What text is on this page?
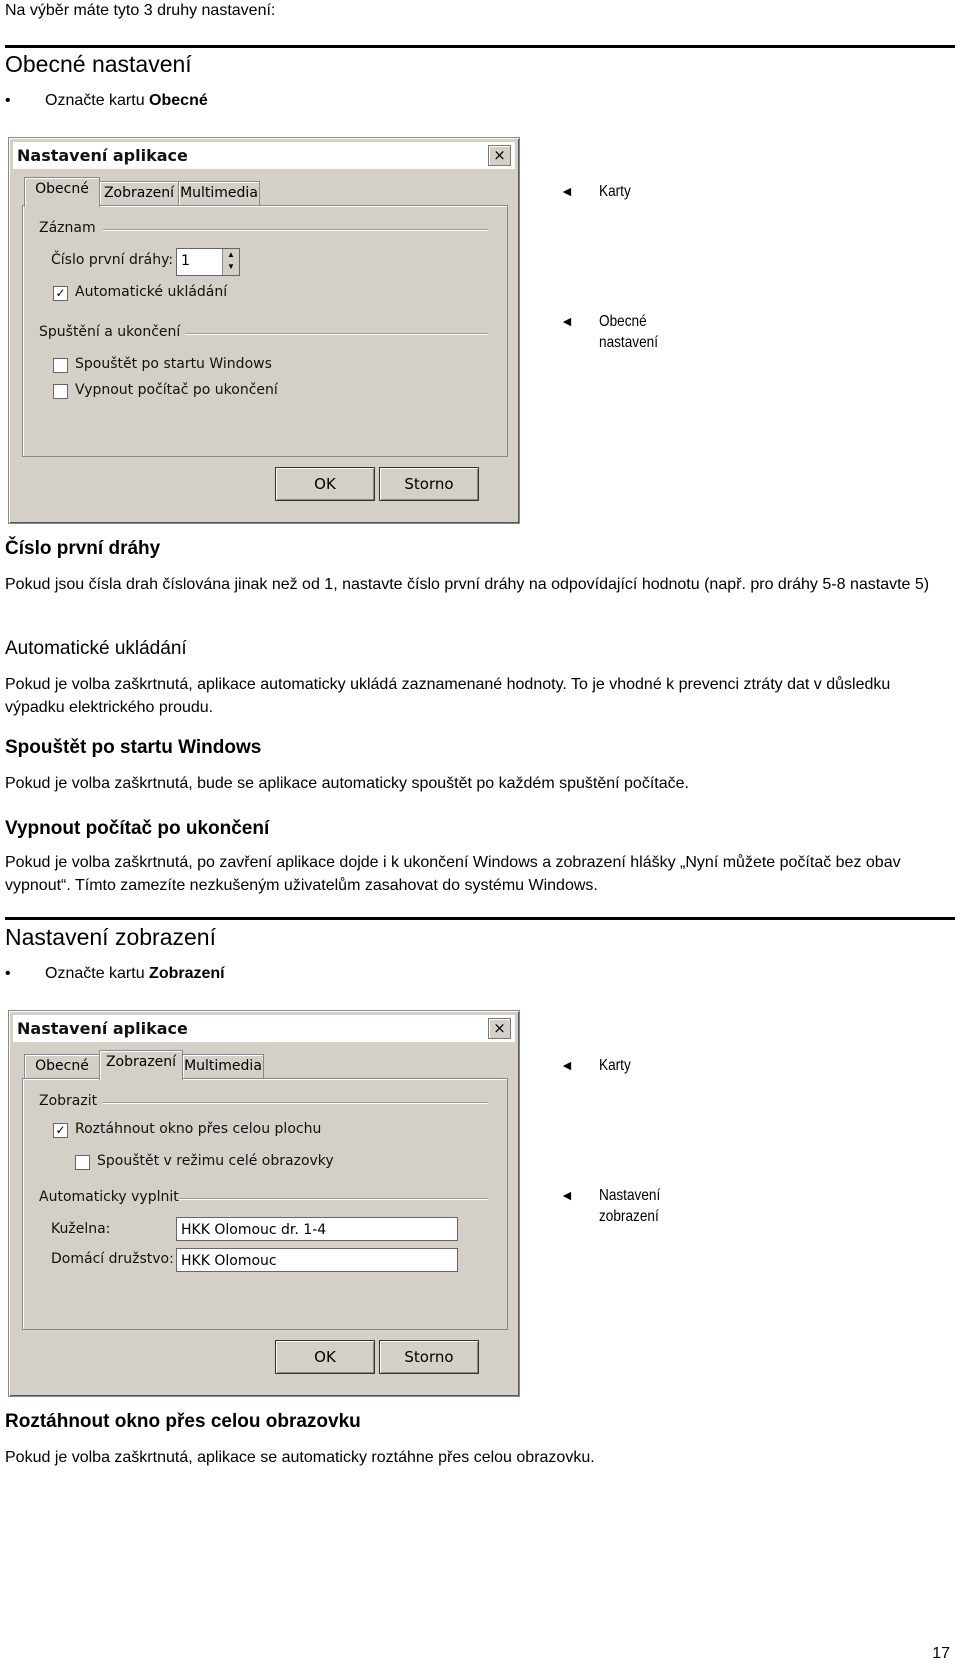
Na výběr máte tyto 3 druhy nastavení:
Obecné nastavení
• Označte kartu Obecné
Nastavení aplikace	×
Obecné	Zobrazení Multimedia
Záznam
Číslo první dráhy: 1	▲
▼
✓ Automatické ukládání
Spuštění a ukončení
Spouštět po startu Windows
Vypnout počítač po ukončení
OK	Storno
◄ Karty
◄ Obecné nastavení
Číslo první dráhy
Pokud jsou čísla drah číslována jinak než od 1, nastavte číslo první dráhy na odpovídající hodnotu (např. pro dráhy 5-8 nastavte 5)
Automatické ukládání
Pokud je volba zaškrtnutá, aplikace automaticky ukládá zaznamenané hodnoty. To je vhodné k prevenci ztráty dat v důsledku výpadku elektrického proudu.
Spouštět po startu Windows
Pokud je volba zaškrtnutá, bude se aplikace automaticky spouštět po každém spuštění počítače.
Vypnout počítač po ukončení
Pokud je volba zaškrtnutá, po zavření aplikace dojde i k ukončení Windows a zobrazení hlášky „Nyní můžete počítač bez obav vypnout“. Tímto zamezíte nezkušeným uživatelům zasahovat do systému Windows.
Nastavení zobrazení
• Označte kartu Zobrazení
Nastavení aplikace	×
Obecné	Zobrazení Multimedia
Zobrazit
✓ Roztáhnout okno přes celou plochu
Spouštět v režimu celé obrazovky
Automaticky vyplnit
Kuželna:	HKK Olomouc dr. 1-4
Domácí družstvo: HKK Olomouc
OK	Storno
◄ Karty
◄ Nastavení zobrazení
Roztáhnout okno přes celou obrazovku
Pokud je volba zaškrtnutá, aplikace se automaticky roztáhne přes celou obrazovku.
17
